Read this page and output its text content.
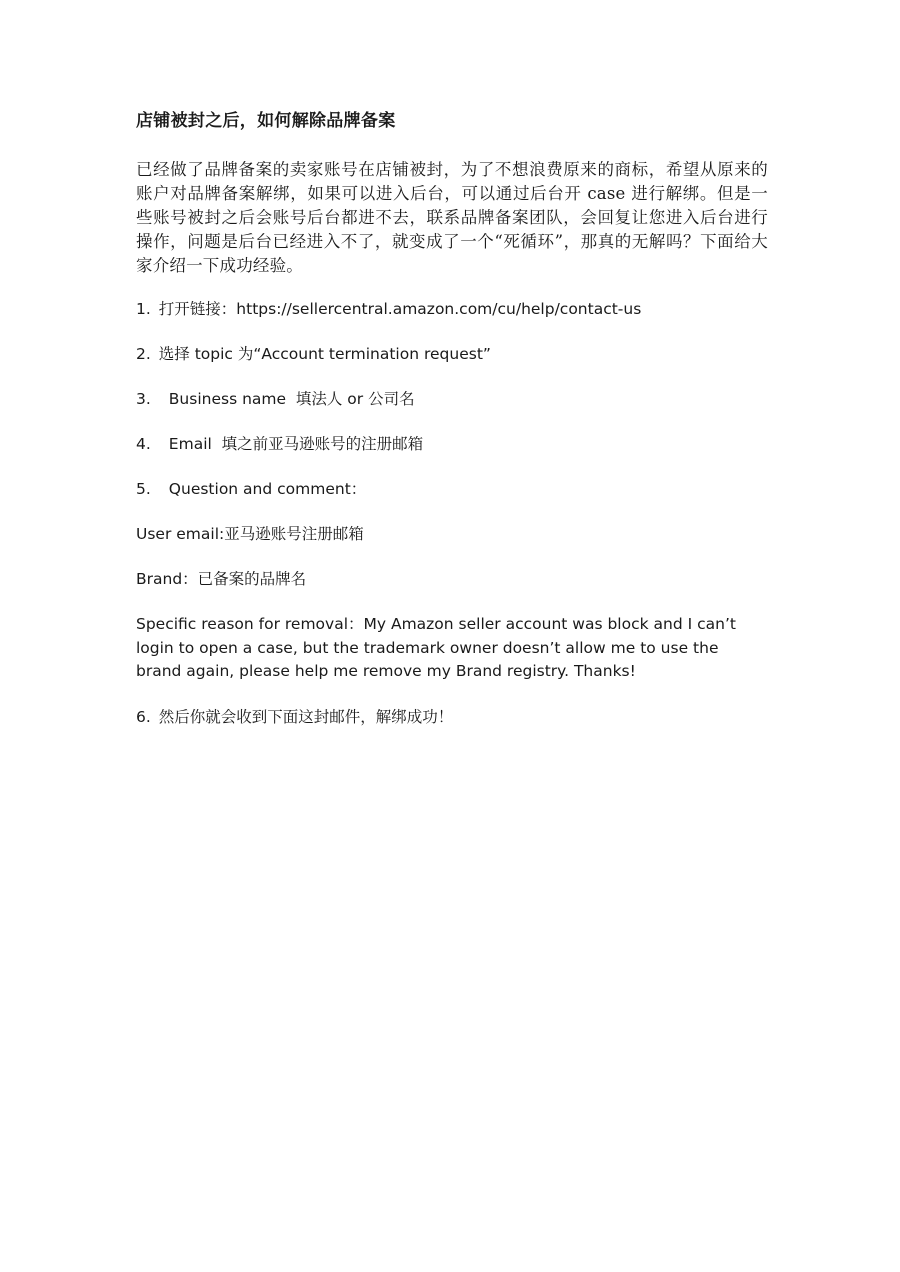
店铺被封之后，如何解除品牌备案

已经做了品牌备案的卖家账号在店铺被封，为了不想浪费原来的商标，希望从原来的账户对品牌备案解绑，如果可以进入后台，可以通过后台开 case 进行解绑。但是一些账号被封之后会账号后台都进不去，联系品牌备案团队，会回复让您进入后台进行操作，问题是后台已经进入不了，就变成了一个“死循环”，那真的无解吗？下面给大家介绍一下成功经验。

1. 打开链接：https://sellercentral.amazon.com/cu/help/contact-us
2. 选择 topic 为“Account termination request”
3. Business name  填法人 or 公司名
4. Email  填之前亚马逊账号的注册邮箱
5. Question and comment：
User email:亚马逊账号注册邮箱
Brand：已备案的品牌名

Specific reason for removal：My Amazon seller account was block and I can’t login to open a case, but the trademark owner doesn’t allow me to use the brand again, please help me remove my Brand registry. Thanks!

6. 然后你就会收到下面这封邮件，解绑成功！
